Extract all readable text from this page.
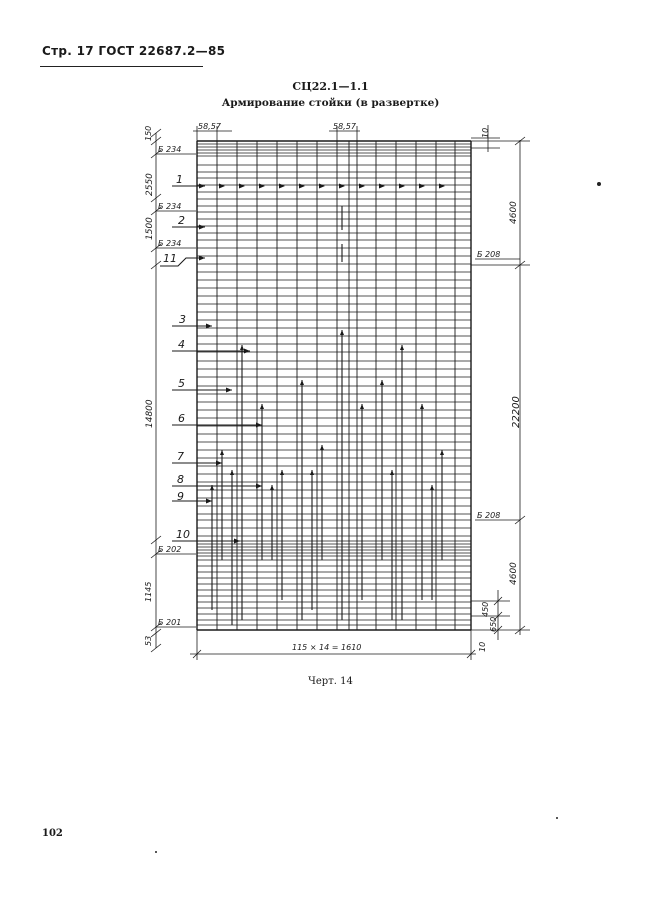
Стр. 17 ГОСТ 22687.2—85
СЦ22.1—1.1
Армирование стойки (в развертке)
58,57	58,57
150
2550
1500
14800
1145
53
10
4600
22200
4600
450
650
10
115 × 14 = 1610
Б 234
Б 234
Б 234
Б 202
Б 201
Б 208
Б 208
1
2
11
3
4
5
6
7
8
9
10
Черт. 14
102
